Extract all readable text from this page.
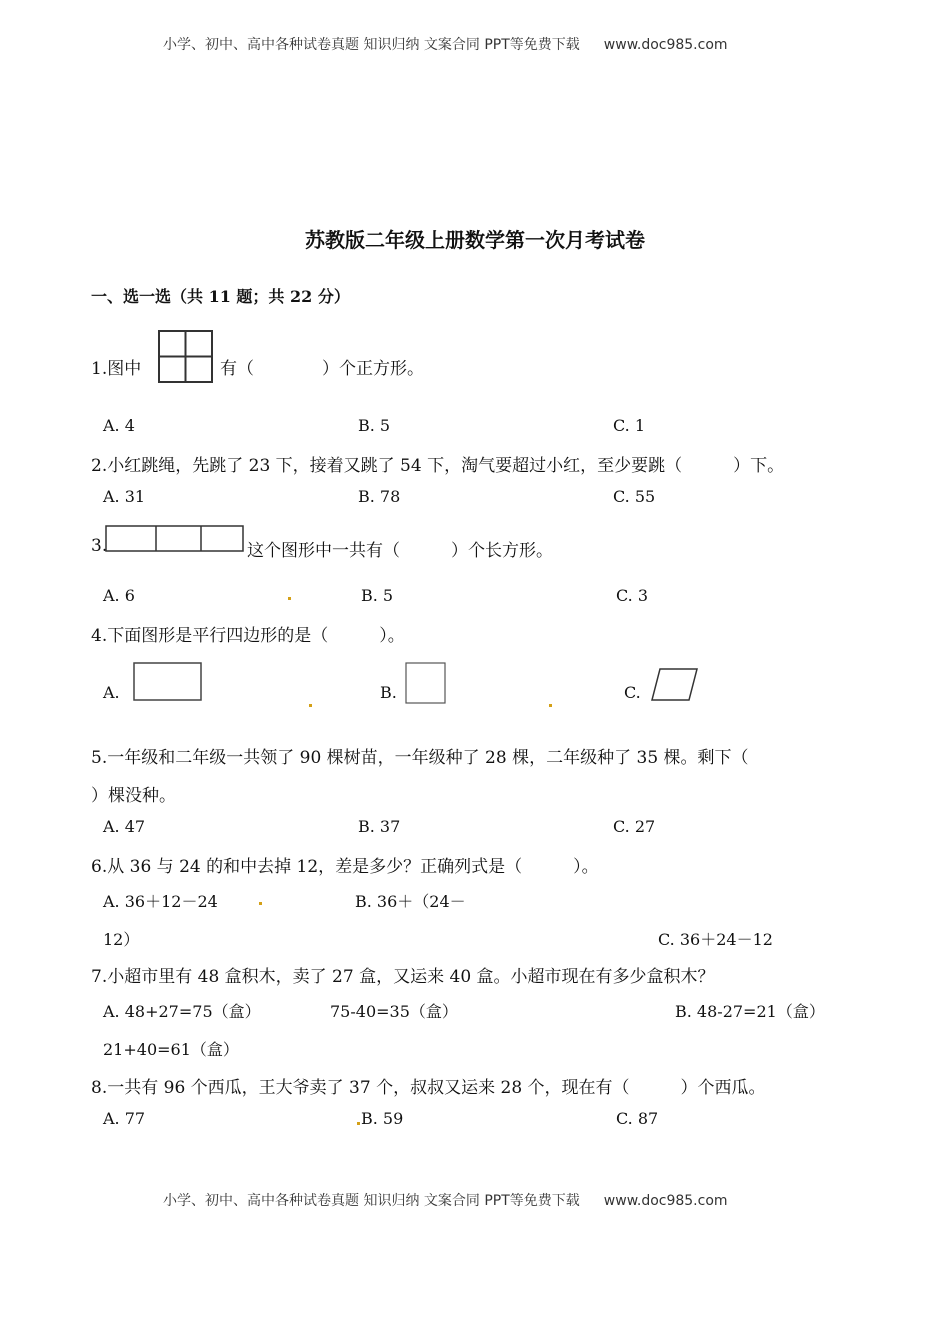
小学、初中、高中各种试卷真题 知识归纳 文案合同 PPT等免费下载 www.doc985.com
苏教版二年级上册数学第一次月考试卷
一、选一选（共 11 题；共 22 分）
1.图中	有（　　　　）个正方形。
A. 4	B. 5	C. 1
2.小红跳绳，先跳了 23 下，接着又跳了 54 下，淘气要超过小红，至少要跳（　　　）下。
A. 31	B. 78	C. 55
3.	这个图形中一共有（　　　）个长方形。
A. 6	B. 5	C. 3
4.下面图形是平行四边形的是（　　　）。
A.	B.	C.
5.一年级和二年级一共领了 90 棵树苗，一年级种了 28 棵，二年级种了 35 棵。剩下（
）棵没种。
A. 47	B. 37	C. 27
6.从 36 与 24 的和中去掉 12，差是多少？正确列式是（　　　）。
A. 36＋12－24	B. 36＋（24－
12）	C. 36＋24－12
7.小超市里有 48 盒积木，卖了 27 盒，又运来 40 盒。小超市现在有多少盒积木？
A. 48+27=75（盒）	75-40=35（盒）	B. 48-27=21（盒）
21+40=61（盒）
8.一共有 96 个西瓜，王大爷卖了 37 个，叔叔又运来 28 个，现在有（　　　）个西瓜。
A. 77	B. 59	C. 87
小学、初中、高中各种试卷真题 知识归纳 文案合同 PPT等免费下载 www.doc985.com
